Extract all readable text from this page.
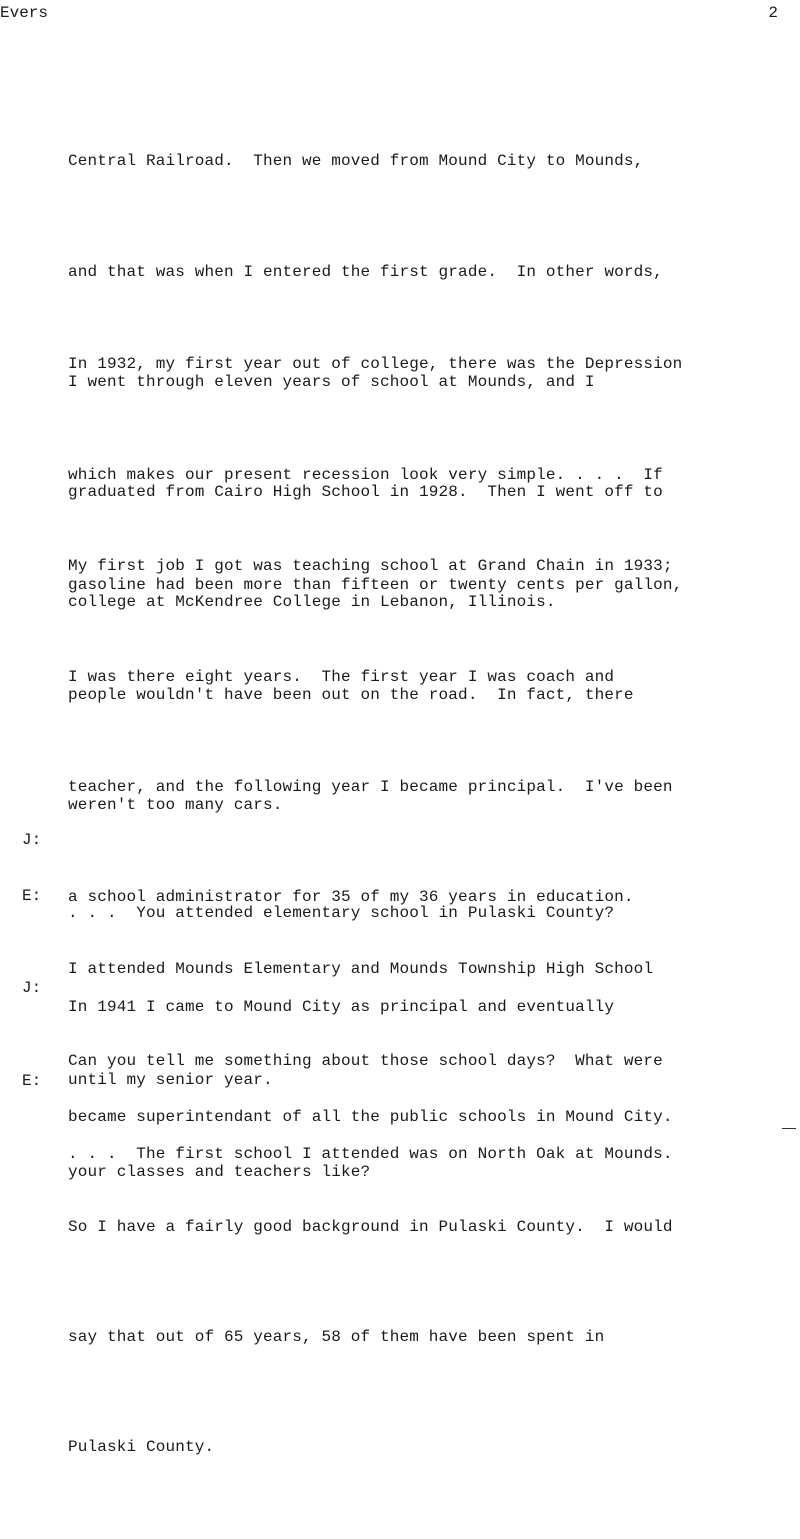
Evers	2

Central Railroad.  Then we moved from Mound City to Mounds,

and that was when I entered the first grade.  In other words,

I went through eleven years of school at Mounds, and I

graduated from Cairo High School in 1928.  Then I went off to

college at McKendree College in Lebanon, Illinois.

In 1932, my first year out of college, there was the Depression

which makes our present recession look very simple. . . .  If

gasoline had been more than fifteen or twenty cents per gallon,

people wouldn't have been out on the road.  In fact, there

weren't too many cars.

My first job I got was teaching school at Grand Chain in 1933;

I was there eight years.  The first year I was coach and

teacher, and the following year I became principal.  I've been

a school administrator for 35 of my 36 years in education.

In 1941 I came to Mound City as principal and eventually

became superintendant of all the public schools in Mound City.

So I have a fairly good background in Pulaski County.  I would

say that out of 65 years, 58 of them have been spent in

Pulaski County.

J:

. . .  You attended elementary school in Pulaski County?

E:

I attended Mounds Elementary and Mounds Township High School

until my senior year.

J:

Can you tell me something about those school days?  What were

your classes and teachers like?

E:

. . .  The first school I attended was on North Oak at Mounds.
